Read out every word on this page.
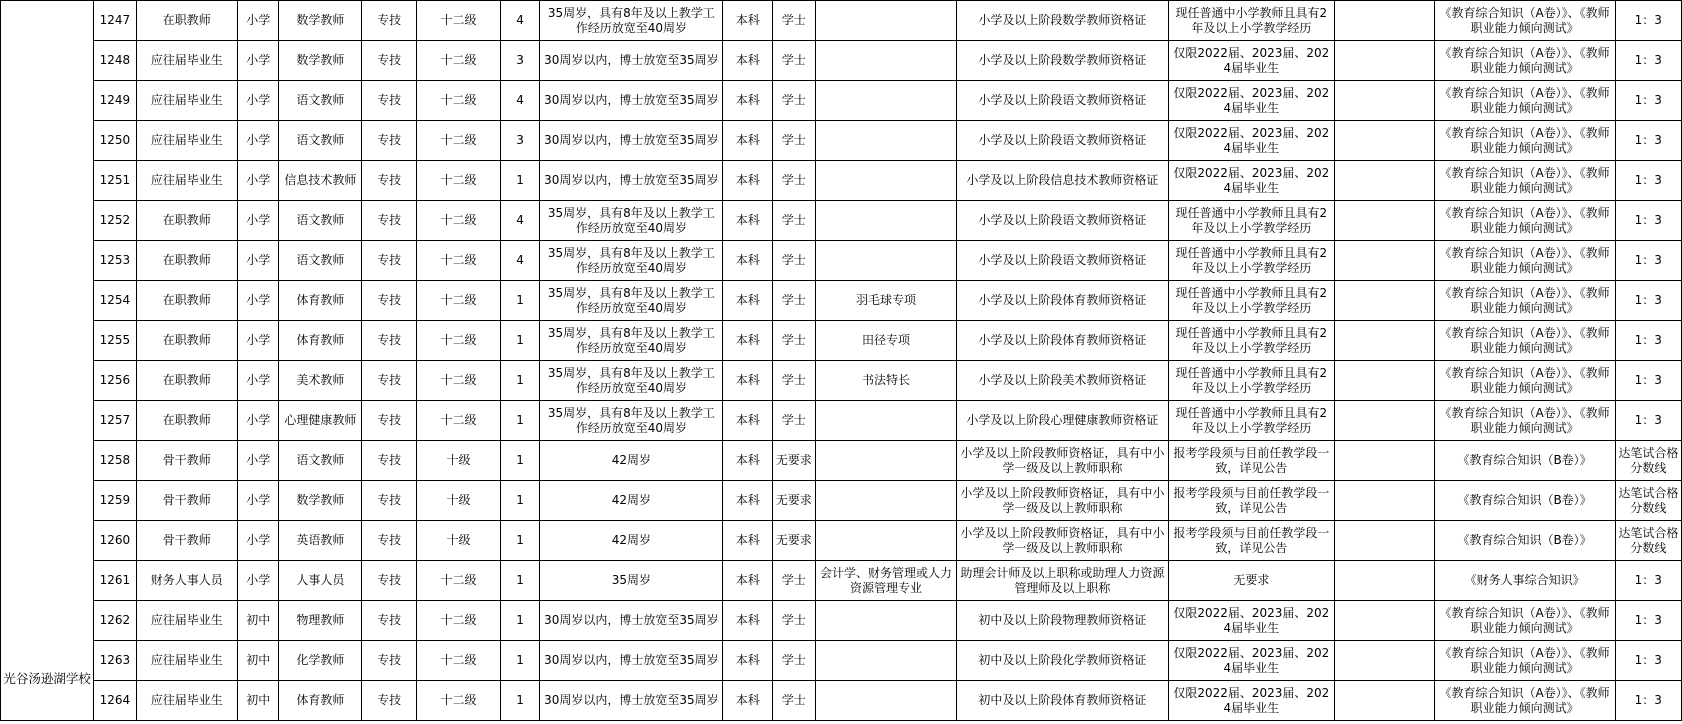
光谷汤逊湖学校	1247	在职教师	小学	数学教师	专技	十二级	4	35周岁，具有8年及以上教学工作经历放宽至40周岁	本科	学士		小学及以上阶段数学教师资格证	现任普通中小学教师且具有2年及以上小学教学经历		《教育综合知识（A卷）》、《教师职业能力倾向测试》	1：3
	1248	应往届毕业生	小学	数学教师	专技	十二级	3	30周岁以内，博士放宽至35周岁	本科	学士		小学及以上阶段数学教师资格证	仅限2022届、2023届、2024届毕业生		《教育综合知识（A卷）》、《教师职业能力倾向测试》	1：3
	1249	应往届毕业生	小学	语文教师	专技	十二级	4	30周岁以内，博士放宽至35周岁	本科	学士		小学及以上阶段语文教师资格证	仅限2022届、2023届、2024届毕业生		《教育综合知识（A卷）》、《教师职业能力倾向测试》	1：3
	1250	应往届毕业生	小学	语文教师	专技	十二级	3	30周岁以内，博士放宽至35周岁	本科	学士		小学及以上阶段语文教师资格证	仅限2022届、2023届、2024届毕业生		《教育综合知识（A卷）》、《教师职业能力倾向测试》	1：3
	1251	应往届毕业生	小学	信息技术教师	专技	十二级	1	30周岁以内，博士放宽至35周岁	本科	学士		小学及以上阶段信息技术教师资格证	仅限2022届、2023届、2024届毕业生		《教育综合知识（A卷）》、《教师职业能力倾向测试》	1：3
	1252	在职教师	小学	语文教师	专技	十二级	4	35周岁，具有8年及以上教学工作经历放宽至40周岁	本科	学士		小学及以上阶段语文教师资格证	现任普通中小学教师且具有2年及以上小学教学经历		《教育综合知识（A卷）》、《教师职业能力倾向测试》	1：3
	1253	在职教师	小学	语文教师	专技	十二级	4	35周岁，具有8年及以上教学工作经历放宽至40周岁	本科	学士		小学及以上阶段语文教师资格证	现任普通中小学教师且具有2年及以上小学教学经历		《教育综合知识（A卷）》、《教师职业能力倾向测试》	1：3
	1254	在职教师	小学	体育教师	专技	十二级	1	35周岁，具有8年及以上教学工作经历放宽至40周岁	本科	学士	羽毛球专项	小学及以上阶段体育教师资格证	现任普通中小学教师且具有2年及以上小学教学经历		《教育综合知识（A卷）》、《教师职业能力倾向测试》	1：3
	1255	在职教师	小学	体育教师	专技	十二级	1	35周岁，具有8年及以上教学工作经历放宽至40周岁	本科	学士	田径专项	小学及以上阶段体育教师资格证	现任普通中小学教师且具有2年及以上小学教学经历		《教育综合知识（A卷）》、《教师职业能力倾向测试》	1：3
	1256	在职教师	小学	美术教师	专技	十二级	1	35周岁，具有8年及以上教学工作经历放宽至40周岁	本科	学士	书法特长	小学及以上阶段美术教师资格证	现任普通中小学教师且具有2年及以上小学教学经历		《教育综合知识（A卷）》、《教师职业能力倾向测试》	1：3
	1257	在职教师	小学	心理健康教师	专技	十二级	1	35周岁，具有8年及以上教学工作经历放宽至40周岁	本科	学士		小学及以上阶段心理健康教师资格证	现任普通中小学教师且具有2年及以上小学教学经历		《教育综合知识（A卷）》、《教师职业能力倾向测试》	1：3
	1258	骨干教师	小学	语文教师	专技	十级	1	42周岁	本科	无要求		小学及以上阶段教师资格证，具有中小学一级及以上教师职称	报考学段须与目前任教学段一致，详见公告		《教育综合知识（B卷）》	达笔试合格分数线
	1259	骨干教师	小学	数学教师	专技	十级	1	42周岁	本科	无要求		小学及以上阶段教师资格证，具有中小学一级及以上教师职称	报考学段须与目前任教学段一致，详见公告		《教育综合知识（B卷）》	达笔试合格分数线
	1260	骨干教师	小学	英语教师	专技	十级	1	42周岁	本科	无要求		小学及以上阶段教师资格证，具有中小学一级及以上教师职称	报考学段须与目前任教学段一致，详见公告		《教育综合知识（B卷）》	达笔试合格分数线
	1261	财务人事人员	小学	人事人员	专技	十二级	1	35周岁	本科	学士	会计学、财务管理或人力资源管理专业	助理会计师及以上职称或助理人力资源管理师及以上职称	无要求		《财务人事综合知识》	1：3
	1262	应往届毕业生	初中	物理教师	专技	十二级	1	30周岁以内，博士放宽至35周岁	本科	学士		初中及以上阶段物理教师资格证	仅限2022届、2023届、2024届毕业生		《教育综合知识（A卷）》、《教师职业能力倾向测试》	1：3
	1263	应往届毕业生	初中	化学教师	专技	十二级	1	30周岁以内，博士放宽至35周岁	本科	学士		初中及以上阶段化学教师资格证	仅限2022届、2023届、2024届毕业生		《教育综合知识（A卷）》、《教师职业能力倾向测试》	1：3
	1264	应往届毕业生	初中	体育教师	专技	十二级	1	30周岁以内，博士放宽至35周岁	本科	学士		初中及以上阶段体育教师资格证	仅限2022届、2023届、2024届毕业生		《教育综合知识（A卷）》、《教师职业能力倾向测试》	1：3
